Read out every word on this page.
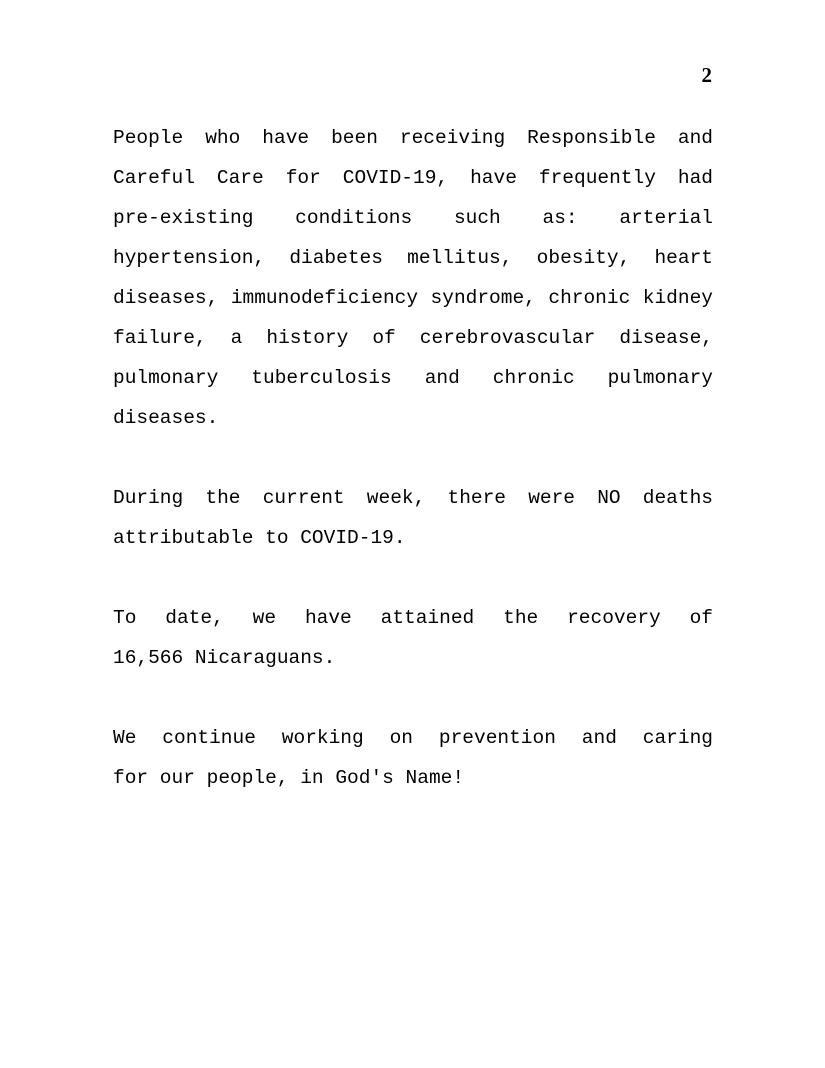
2
People who have been receiving Responsible and
Careful Care for COVID-19, have frequently had
pre-existing conditions such as: arterial
hypertension, diabetes mellitus, obesity, heart
diseases, immunodeficiency syndrome, chronic kidney
failure, a history of cerebrovascular disease,
pulmonary tuberculosis and chronic pulmonary
diseases.
During the current week, there were NO deaths
attributable to COVID-19.
To date, we have attained the recovery of
16,566 Nicaraguans.
We continue working on prevention and caring
for our people, in God's Name!
